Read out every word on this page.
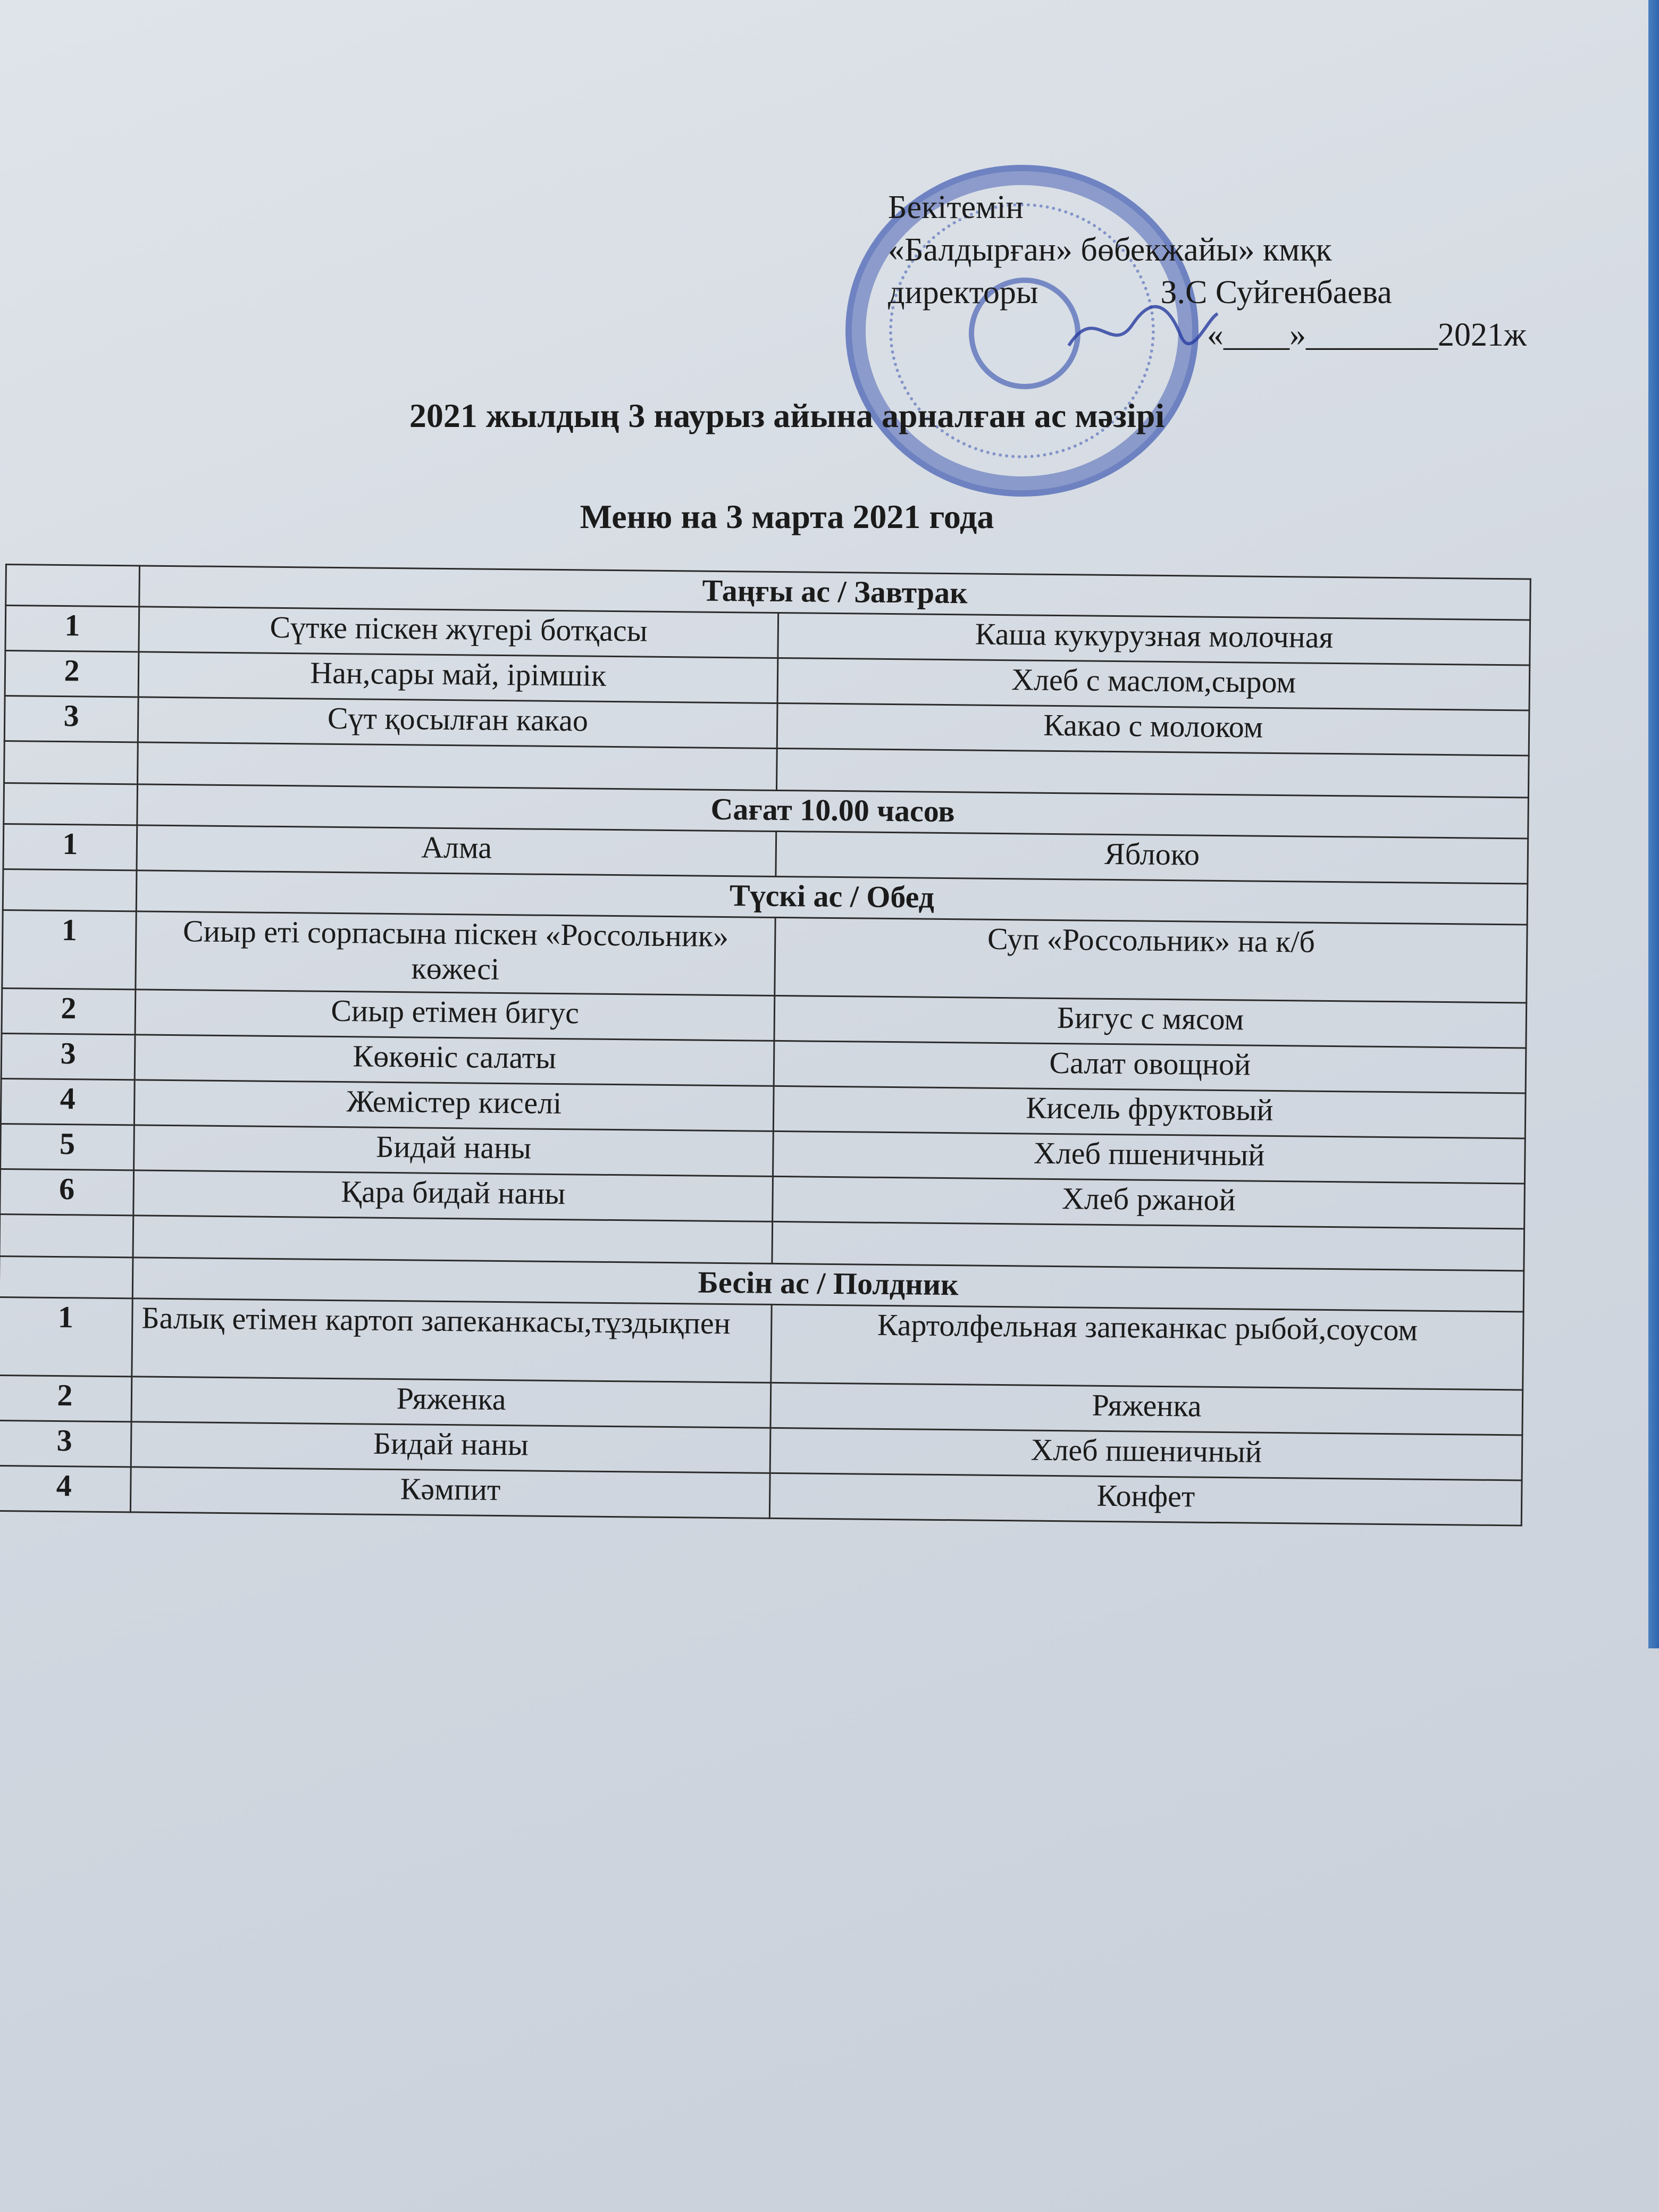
Бекітемін
«Балдырған» бөбекжайы» кмқк
директоры	З.С Суйгенбаева
«____»________2021ж
2021 жылдың 3 наурыз айына арналған ас мәзірі
Меню на 3 марта 2021 года
	Таңғы ас / Завтрак	
1	Сүтке піскен жүгері ботқасы	Каша кукурузная молочная
2	Нан,сары май, ірімшік	Хлеб с маслом,сыром
3	Сүт қосылған какао	Какао с молоком

	Сағат 10.00 часов	
1	Алма	Яблоко
	Түскі ас / Обед	
1	Сиыр еті сорпасына піскен «Россольник» көжесі	Суп «Россольник» на к/б
2	Сиыр етімен бигус	Бигус с мясом
3	Көкөніс салаты	Салат овощной
4	Жемістер киселі	Кисель фруктовый
5	Бидай наны	Хлеб пшеничный
6	Қара бидай наны	Хлеб ржаной

	Бесін ас / Полдник	
1	Балық етімен картоп запеканкасы,тұздықпен	Картолфельная запеканкас рыбой,соусом
2	Ряженка	Ряженка
3	Бидай наны	Хлеб пшеничный
4	Кәмпит	Конфет
